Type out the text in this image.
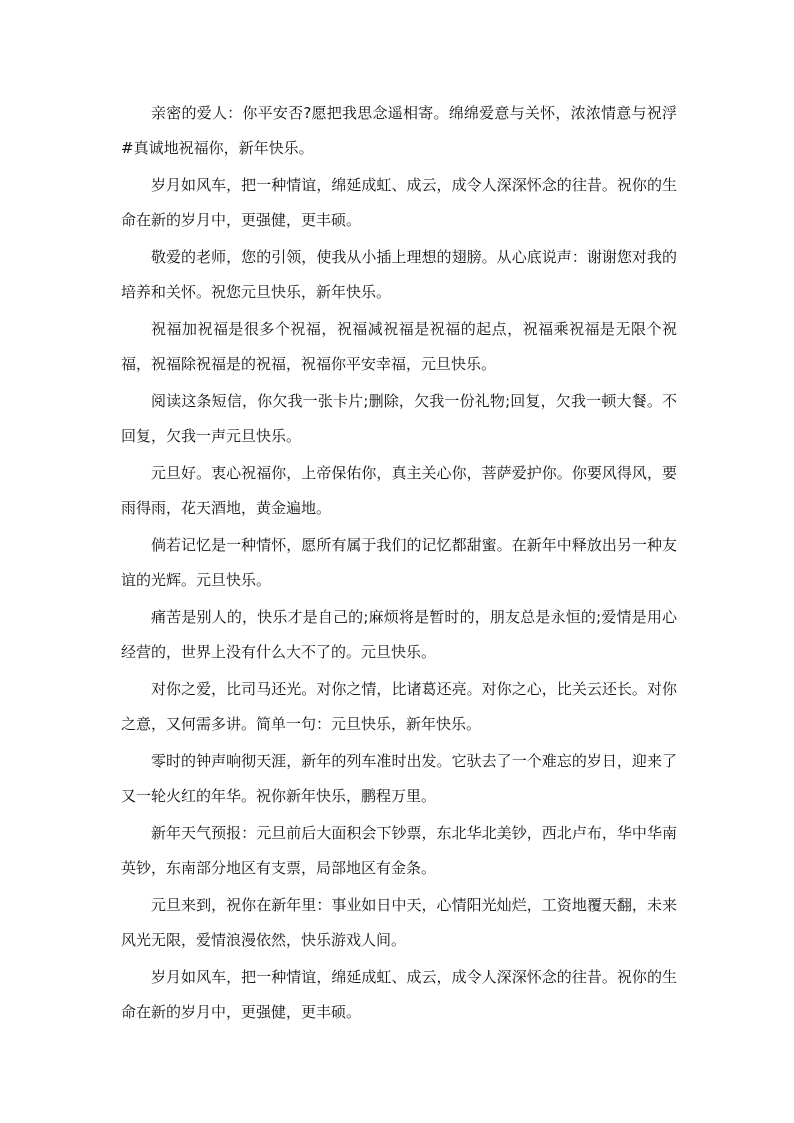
亲密的爱人：你平安否?愿把我思念遥相寄。绵绵爱意与关怀，浓浓情意与祝浮#真诚地祝福你，新年快乐。

岁月如风车，把一种情谊，绵延成虹、成云，成令人深深怀念的往昔。祝你的生命在新的岁月中，更强健，更丰硕。

敬爱的老师，您的引领，使我从小插上理想的翅膀。从心底说声：谢谢您对我的培养和关怀。祝您元旦快乐，新年快乐。

祝福加祝福是很多个祝福，祝福减祝福是祝福的起点，祝福乘祝福是无限个祝福，祝福除祝福是的祝福，祝福你平安幸福，元旦快乐。

阅读这条短信，你欠我一张卡片;删除，欠我一份礼物;回复，欠我一顿大餐。不回复，欠我一声元旦快乐。

元旦好。衷心祝福你，上帝保佑你，真主关心你，菩萨爱护你。你要风得风，要雨得雨，花天酒地，黄金遍地。

倘若记忆是一种情怀，愿所有属于我们的记忆都甜蜜。在新年中释放出另一种友谊的光辉。元旦快乐。

痛苦是别人的，快乐才是自己的;麻烦将是暂时的，朋友总是永恒的;爱情是用心经营的，世界上没有什么大不了的。元旦快乐。

对你之爱，比司马还光。对你之情，比诸葛还亮。对你之心，比关云还长。对你之意，又何需多讲。简单一句：元旦快乐，新年快乐。

零时的钟声响彻天涯，新年的列车准时出发。它驮去了一个难忘的岁日，迎来了又一轮火红的年华。祝你新年快乐，鹏程万里。

新年天气预报：元旦前后大面积会下钞票，东北华北美钞，西北卢布，华中华南英钞，东南部分地区有支票，局部地区有金条。

元旦来到，祝你在新年里：事业如日中天，心情阳光灿烂，工资地覆天翻，未来风光无限，爱情浪漫依然，快乐游戏人间。

岁月如风车，把一种情谊，绵延成虹、成云，成令人深深怀念的往昔。祝你的生命在新的岁月中，更强健，更丰硕。
